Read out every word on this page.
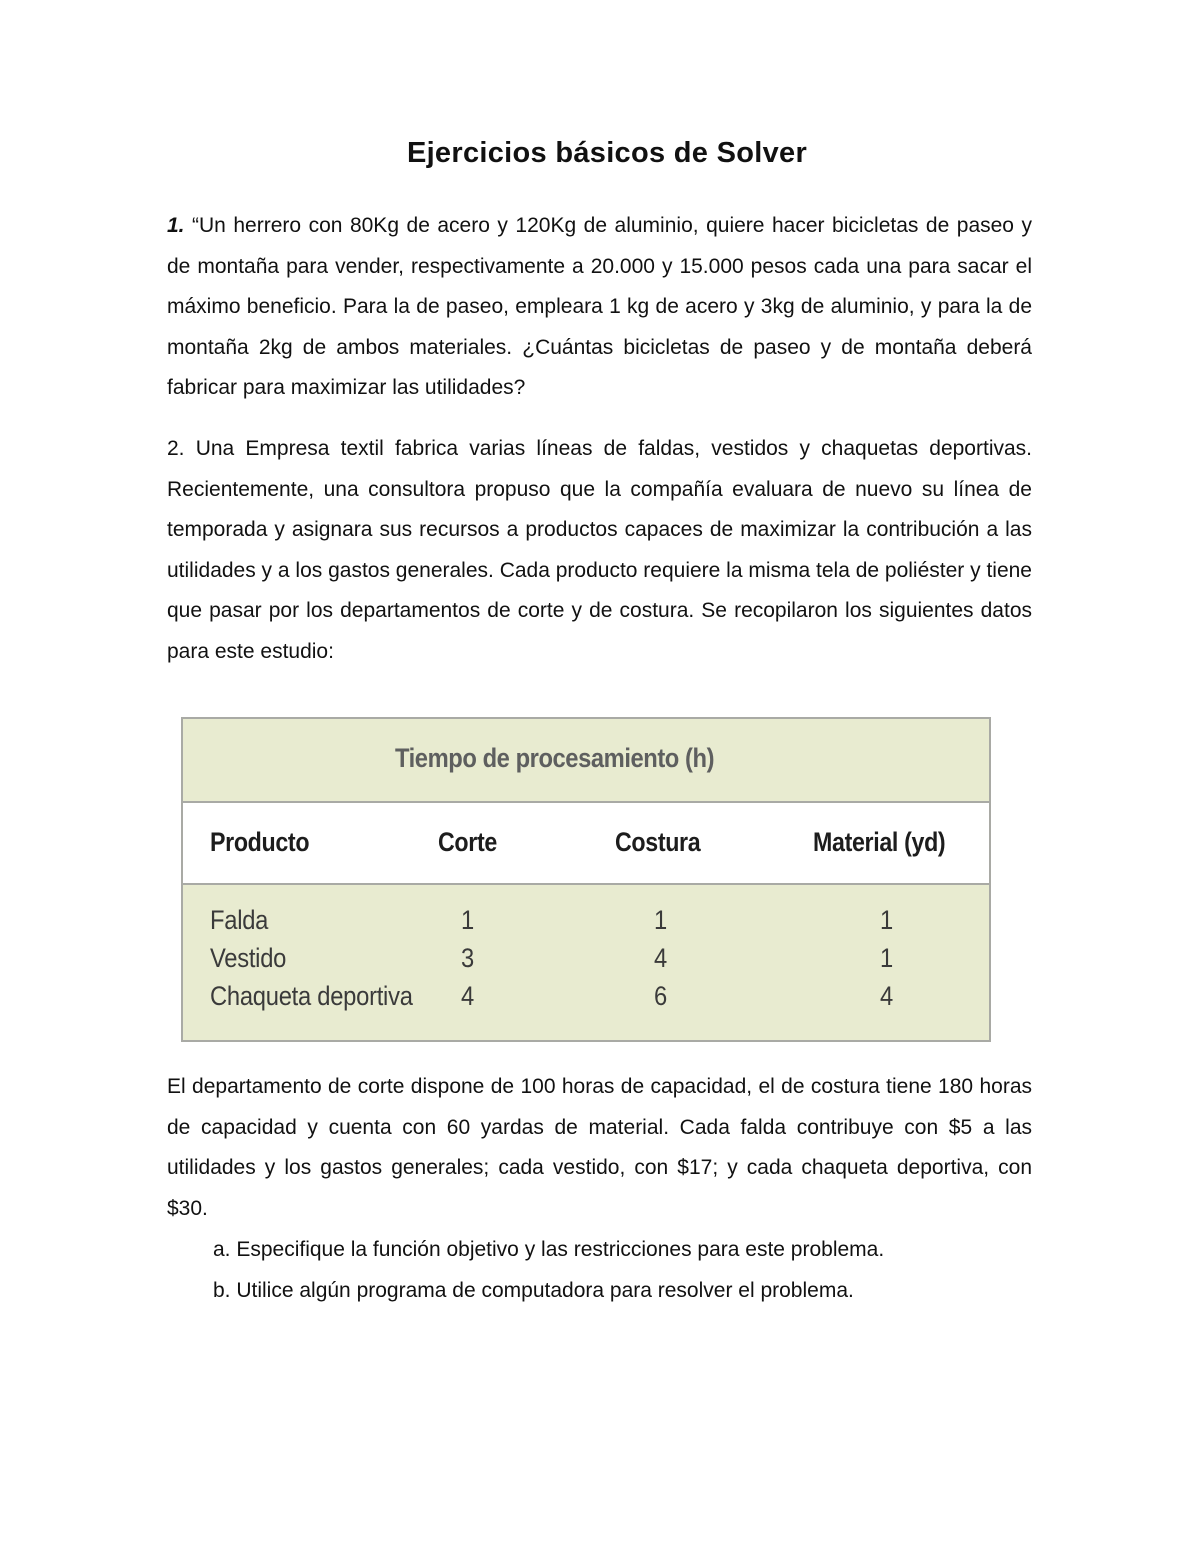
Ejercicios básicos de Solver
1. “Un herrero con 80Kg de acero y 120Kg de aluminio, quiere hacer bicicletas de paseo y de montaña para vender, respectivamente a 20.000 y 15.000 pesos cada una para sacar el máximo beneficio. Para la de paseo, empleara 1 kg de acero y 3kg de aluminio, y para la de montaña 2kg de ambos materiales. ¿Cuántas bicicletas de paseo y de montaña deberá fabricar para maximizar las utilidades?
2. Una Empresa textil fabrica varias líneas de faldas, vestidos y chaquetas deportivas. Recientemente, una consultora propuso que la compañía evaluara de nuevo su línea de temporada y asignara sus recursos a productos capaces de maximizar la contribución a las utilidades y a los gastos generales. Cada producto requiere la misma tela de poliéster y tiene que pasar por los departamentos de corte y de costura. Se recopilaron los siguientes datos para este estudio:
El departamento de corte dispone de 100 horas de capacidad, el de costura tiene 180 horas de capacidad y cuenta con 60 yardas de material. Cada falda contribuye con $5 a las utilidades y los gastos generales; cada vestido, con $17; y cada chaqueta deportiva, con $30.
a. Especifique la función objetivo y las restricciones para este problema.
b. Utilice algún programa de computadora para resolver el problema.
Tiempo de procesamiento (h)
Producto	Corte	Costura	Material (yd)
Falda	1	1	1
Vestido	3	4	1
Chaqueta deportiva 4	6	4
